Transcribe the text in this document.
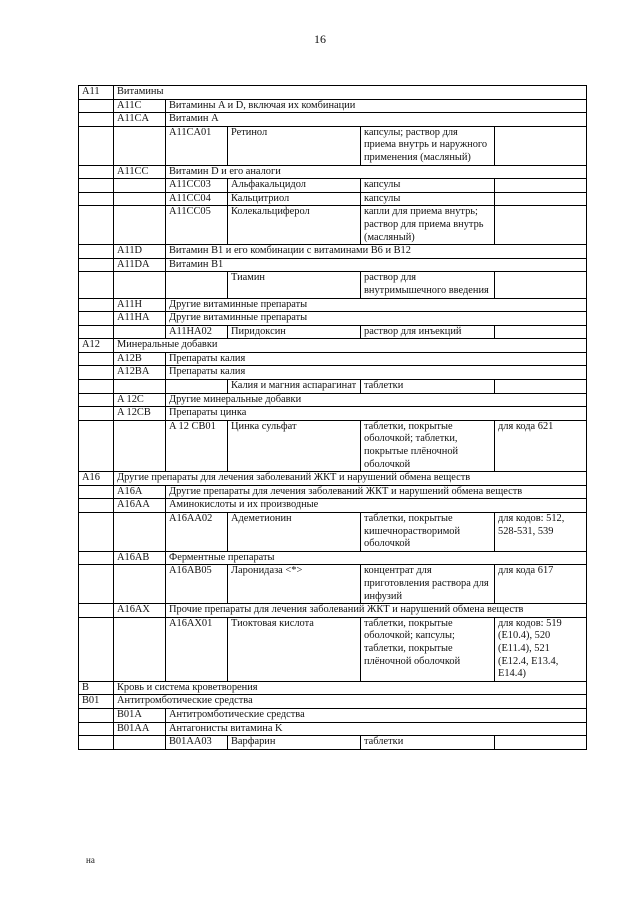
16
A11	Витамины				
	A11C	Витамины A и D, включая их комбинации			
	A11CA	Витамин A			
		A11CA01	Ретинол	капсулы; раствор для приема внутрь и наружного применения (масляный)	
	A11CC	Витамин D и его аналоги			
		A11CC03	Альфакальцидол	капсулы	
		A11CC04	Кальцитриол	капсулы	
		A11CC05	Колекальциферол	капли для приема внутрь; раствор для приема внутрь (масляный)	
	A11D	Витамин B1 и его комбинации с витаминами B6 и B12			
	A11DA	Витамин B1			
			Тиамин	раствор для внутримышечного введения	
	A11H	Другие витаминные препараты			
	A11HA	Другие витаминные препараты			
		A11HA02	Пиридоксин	раствор для инъекций	
A12	Минеральные добавки				
	A12B	Препараты калия			
	A12BA	Препараты калия			
			Калия и магния аспарагинат	таблетки	
	A 12C	Другие минеральные добавки			
	A 12CB	Препараты цинка			
		A 12 CB01	Цинка сульфат	таблетки, покрытые оболочкой; таблетки, покрытые плёночной оболочкой	для кода 621
A16	Другие препараты для лечения заболеваний ЖКТ и нарушений обмена веществ				
	A16A	Другие препараты для лечения заболеваний ЖКТ и нарушений обмена веществ			
	A16AA	Аминокислоты и их производные			
		A16AA02	Адеметионин	таблетки, покрытые кишечнорастворимой оболочкой	для кодов: 512, 528-531, 539
	A16AB	Ферментные препараты			
		A16AB05	Ларонидаза <*>	концентрат для приготовления раствора для инфузий	для кода 617
	A16AX	Прочие препараты для лечения заболеваний ЖКТ и нарушений обмена веществ			
		A16AX01	Тиоктовая кислота	таблетки, покрытые оболочкой; капсулы; таблетки, покрытые плёночной оболочкой	для кодов: 519 (E10.4), 520 (E11.4), 521 (E12.4, E13.4, E14.4)
B	Кровь и система кроветворения				
B01	Антитромботические средства				
	B01A	Антитромботические средства			
	B01AA	Антагонисты витамина K			
		B01AA03	Варфарин	таблетки	
на
